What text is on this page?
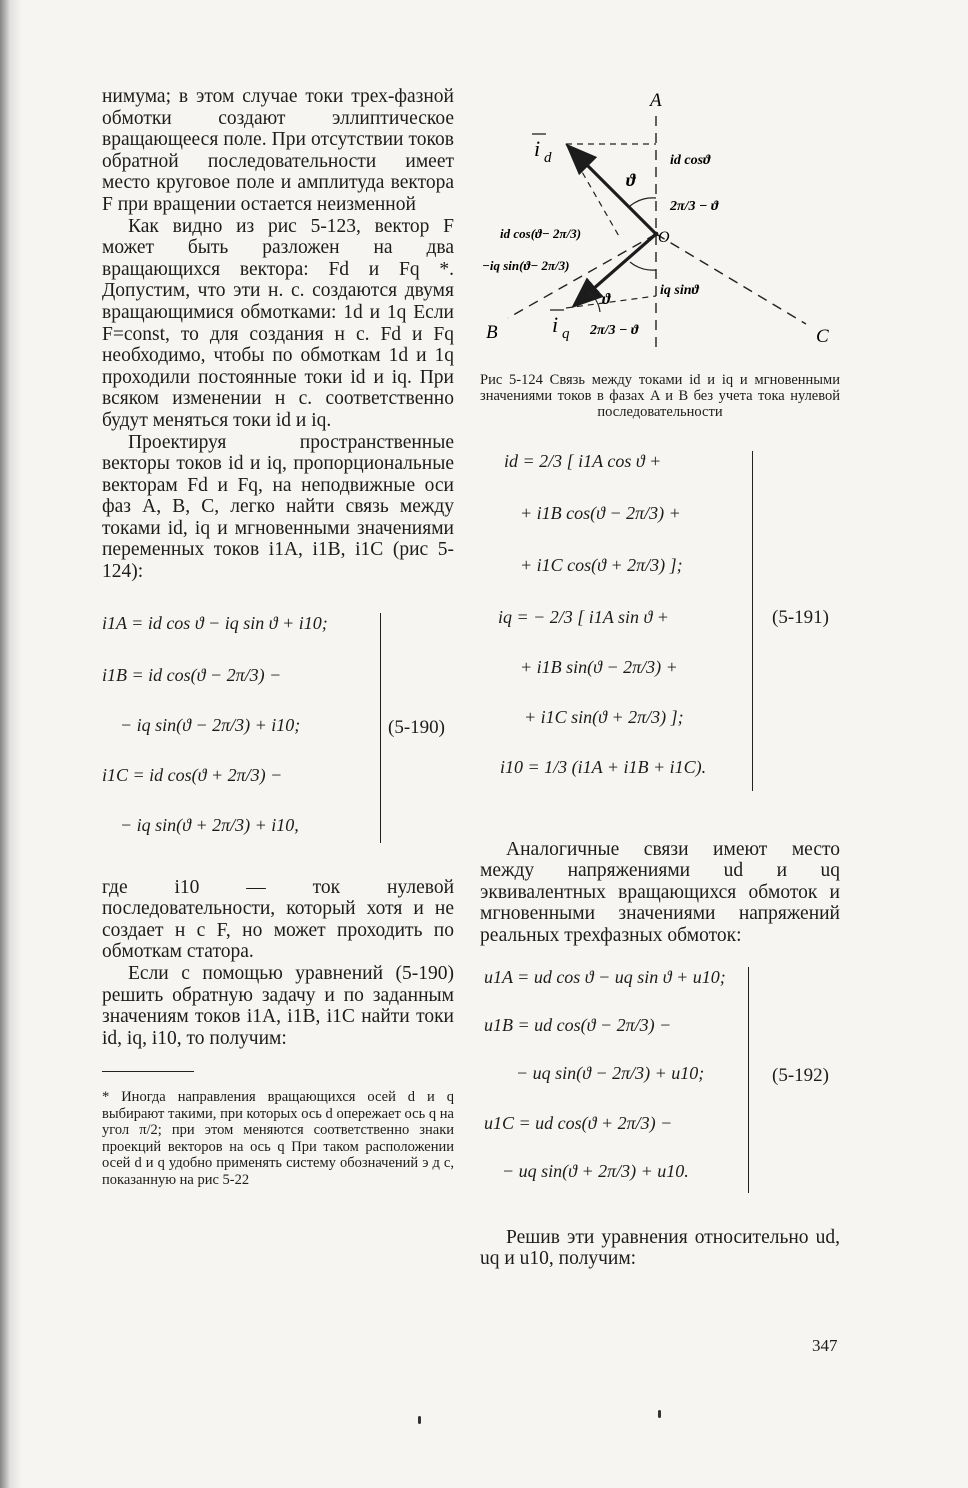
нимума; в этом случае токи трех-фазной обмотки создают эллиптическое вращающееся поле. При отсутствии токов обратной последовательности имеет место круговое поле и амплитуда вектора F при вращении остается неизменной

Как видно из рис 5-123, вектор F может быть разложен на два вращающихся вектора: Fd и Fq *. Допустим, что эти н. с. создаются двумя вращающимися обмотками: 1d и 1q Если F=const, то для создания н с. Fd и Fq необходимо, чтобы по обмоткам 1d и 1q проходили постоянные токи id и iq. При всяком изменении н с. соответственно будут меняться токи id и iq.

Проектируя пространственные векторы токов id и iq, пропорциональные векторам Fd и Fq, на неподвижные оси фаз A, B, C, легко найти связь между токами id, iq и мгновенными значениями переменных токов i1A, i1B, i1C (рис 5-124):

i1A = id cos ϑ − iq sin ϑ + i10;
i1B = id cos(ϑ − 2π/3) −
− iq sin(ϑ − 2π/3) + i10;
i1C = id cos(ϑ + 2π/3) −
− iq sin(ϑ + 2π/3) + i10,
(5-190)

где i10 — ток нулевой последовательности, который хотя и не создает н с F, но может проходить по обмоткам статора.

Если с помощью уравнений (5-190) решить обратную задачу и по заданным значениям токов i1A, i1B, i1C найти токи id, iq, i10, то получим:

* Иногда направления вращающихся осей d и q выбирают такими, при которых ось d опережает ось q на угол π/2; при этом меняются соответственно знаки проекций векторов на ось q При таком расположении осей d и q удобно применять систему обозначений э д с, показанную на рис 5-22

A
B	C
O
i d
i q
id cosϑ
iq sinϑ
id cos(ϑ− 2π/3)
−iq sin(ϑ− 2π/3)
2π/3 − ϑ
2π/3 − ϑ
ϑ
ϑ

Рис 5-124 Связь между токами id и iq и мгновенными значениями токов в фазах A и B без учета тока нулевой последовательности

id = 2/3 [ i1A cos ϑ +
+ i1B cos(ϑ − 2π/3) +
+ i1C cos(ϑ + 2π/3) ];
iq = − 2/3 [ i1A sin ϑ +
+ i1B sin(ϑ − 2π/3) +
+ i1C sin(ϑ + 2π/3) ];
i10 = 1/3 (i1A + i1B + i1C).
(5-191)

Аналогичные связи имеют место между напряжениями ud и uq эквивалентных вращающихся обмоток и мгновенными значениями напряжений реальных трехфазных обмоток:

u1A = ud cos ϑ − uq sin ϑ + u10;
u1B = ud cos(ϑ − 2π/3) −
− uq sin(ϑ − 2π/3) + u10;
u1C = ud cos(ϑ + 2π/3) −
− uq sin(ϑ + 2π/3) + u10.
(5-192)

Решив эти уравнения относительно ud, uq и u10, получим:

347
